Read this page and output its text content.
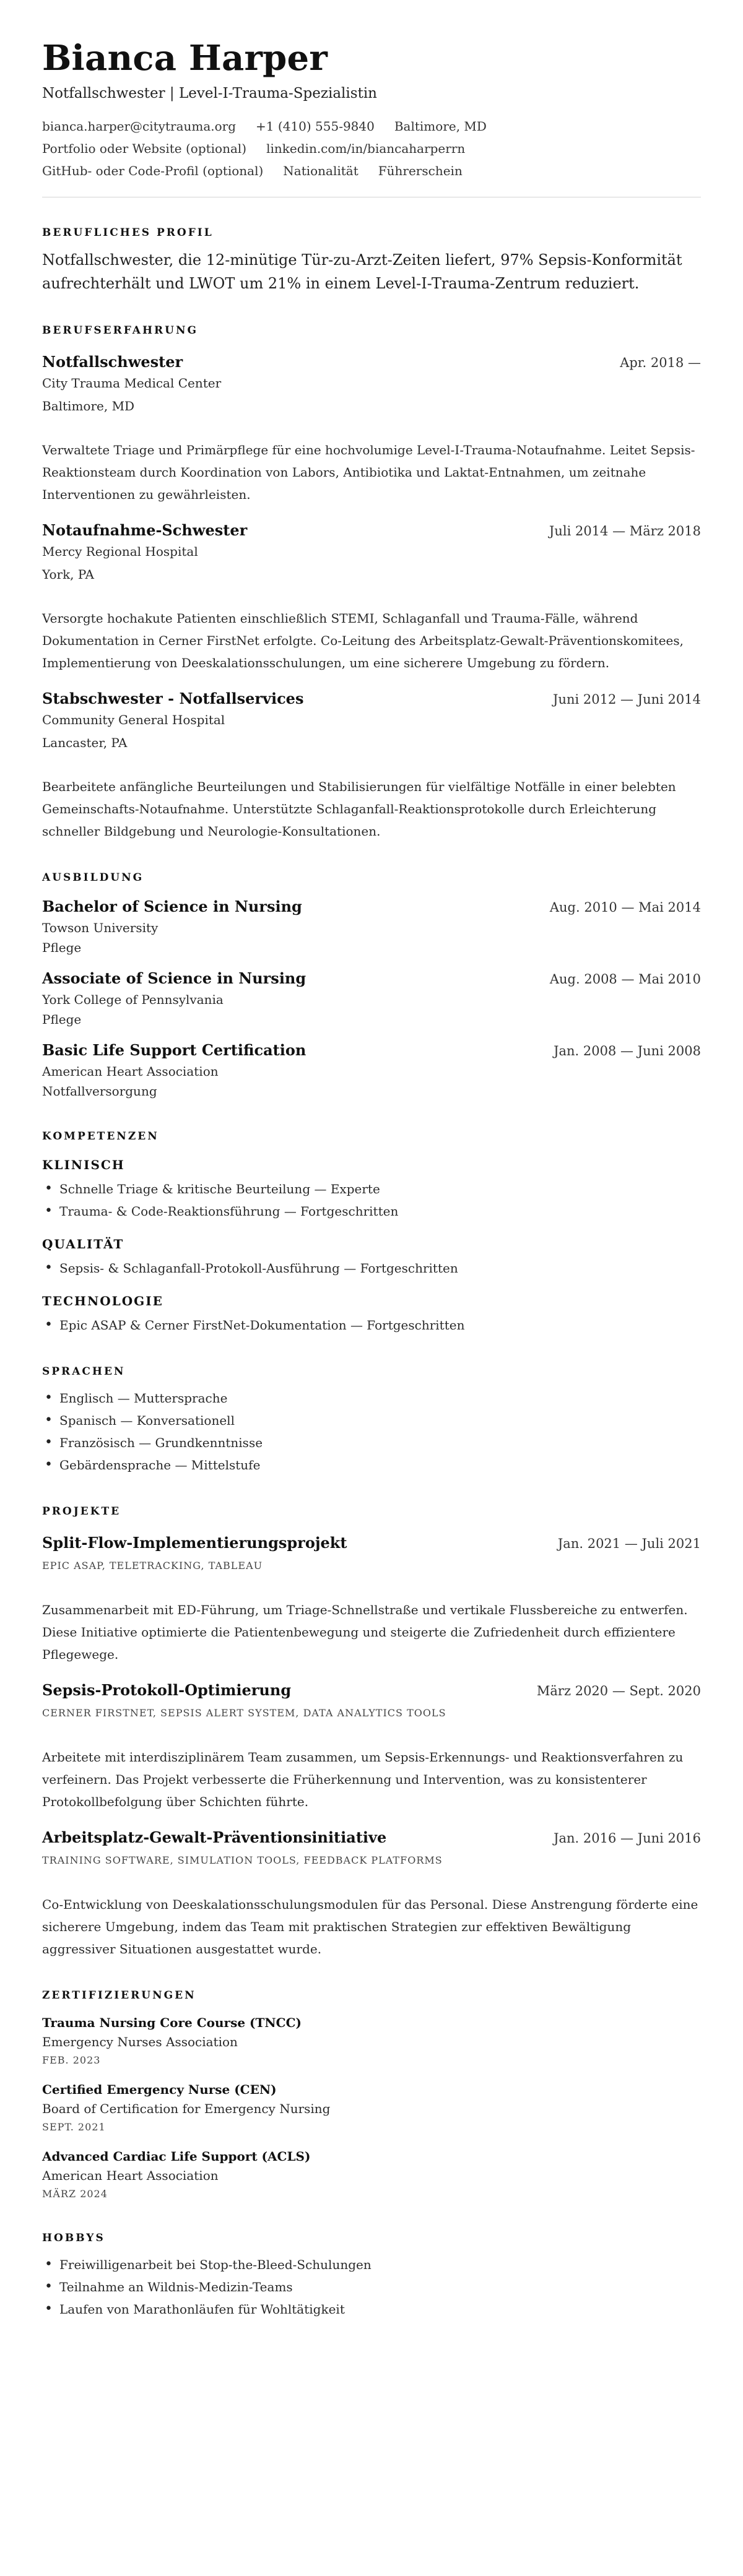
Bianca Harper
Notfallschwester | Level-I-Trauma-Spezialistin
bianca.harper@citytrauma.org +1 (410) 555-9840 Baltimore, MD
Portfolio oder Website (optional) linkedin.com/in/biancaharperrn
GitHub- oder Code-Profil (optional) Nationalität Führerschein
BERUFLICHES PROFIL

Notfallschwester, die 12-minütige Tür-zu-Arzt-Zeiten liefert, 97% Sepsis-Konformität aufrechterhält und LWOT um 21% in einem Level-I-Trauma-Zentrum reduziert.

BERUFSERFAHRUNG
Notfallschwester	Apr. 2018 —
City Trauma Medical Center
Baltimore, MD

Verwaltete Triage und Primärpflege für eine hochvolumige Level-I-Trauma-Notaufnahme. Leitet Sepsis-Reaktionsteam durch Koordination von Labors, Antibiotika und Laktat-Entnahmen, um zeitnahe Interventionen zu gewährleisten.

Notaufnahme-Schwester	Juli 2014 — März 2018
Mercy Regional Hospital
York, PA

Versorgte hochakute Patienten einschließlich STEMI, Schlaganfall und Trauma-Fälle, während Dokumentation in Cerner FirstNet erfolgte. Co-Leitung des Arbeitsplatz-Gewalt-Präventionskomitees, Implementierung von Deeskalationsschulungen, um eine sicherere Umgebung zu fördern.

Stabschwester - Notfallservices	Juni 2012 — Juni 2014
Community General Hospital
Lancaster, PA

Bearbeitete anfängliche Beurteilungen und Stabilisierungen für vielfältige Notfälle in einer belebten Gemeinschafts-Notaufnahme. Unterstützte Schlaganfall-Reaktionsprotokolle durch Erleichterung schneller Bildgebung und Neurologie-Konsultationen.

AUSBILDUNG
Bachelor of Science in Nursing	Aug. 2010 — Mai 2014
Towson University
Pflege
Associate of Science in Nursing	Aug. 2008 — Mai 2010
York College of Pennsylvania
Pflege
Basic Life Support Certification	Jan. 2008 — Juni 2008
American Heart Association
Notfallversorgung
KOMPETENZEN
KLINISCH
• Schnelle Triage & kritische Beurteilung — Experte
• Trauma- & Code-Reaktionsführung — Fortgeschritten
QUALITÄT
• Sepsis- & Schlaganfall-Protokoll-Ausführung — Fortgeschritten
TECHNOLOGIE
• Epic ASAP & Cerner FirstNet-Dokumentation — Fortgeschritten
SPRACHEN
• Englisch — Muttersprache
• Spanisch — Konversationell
• Französisch — Grundkenntnisse
• Gebärdensprache — Mittelstufe
PROJEKTE
Split-Flow-Implementierungsprojekt	Jan. 2021 — Juli 2021
EPIC ASAP, TELETRACKING, TABLEAU

Zusammenarbeit mit ED-Führung, um Triage-Schnellstraße und vertikale Flussbereiche zu entwerfen. Diese Initiative optimierte die Patientenbewegung und steigerte die Zufriedenheit durch effizientere Pflegewege.

Sepsis-Protokoll-Optimierung	März 2020 — Sept. 2020
CERNER FIRSTNET, SEPSIS ALERT SYSTEM, DATA ANALYTICS TOOLS

Arbeitete mit interdisziplinärem Team zusammen, um Sepsis-Erkennungs- und Reaktionsverfahren zu verfeinern. Das Projekt verbesserte die Früherkennung und Intervention, was zu konsistenterer Protokollbefolgung über Schichten führte.

Arbeitsplatz-Gewalt-Präventionsinitiative	Jan. 2016 — Juni 2016
TRAINING SOFTWARE, SIMULATION TOOLS, FEEDBACK PLATFORMS

Co-Entwicklung von Deeskalationsschulungsmodulen für das Personal. Diese Anstrengung förderte eine sicherere Umgebung, indem das Team mit praktischen Strategien zur effektiven Bewältigung aggressiver Situationen ausgestattet wurde.

ZERTIFIZIERUNGEN
Trauma Nursing Core Course (TNCC)
Emergency Nurses Association
FEB. 2023
Certified Emergency Nurse (CEN)
Board of Certification for Emergency Nursing
SEPT. 2021
Advanced Cardiac Life Support (ACLS)
American Heart Association
MÄRZ 2024
HOBBYS
• Freiwilligenarbeit bei Stop-the-Bleed-Schulungen
• Teilnahme an Wildnis-Medizin-Teams
• Laufen von Marathonläufen für Wohltätigkeit
